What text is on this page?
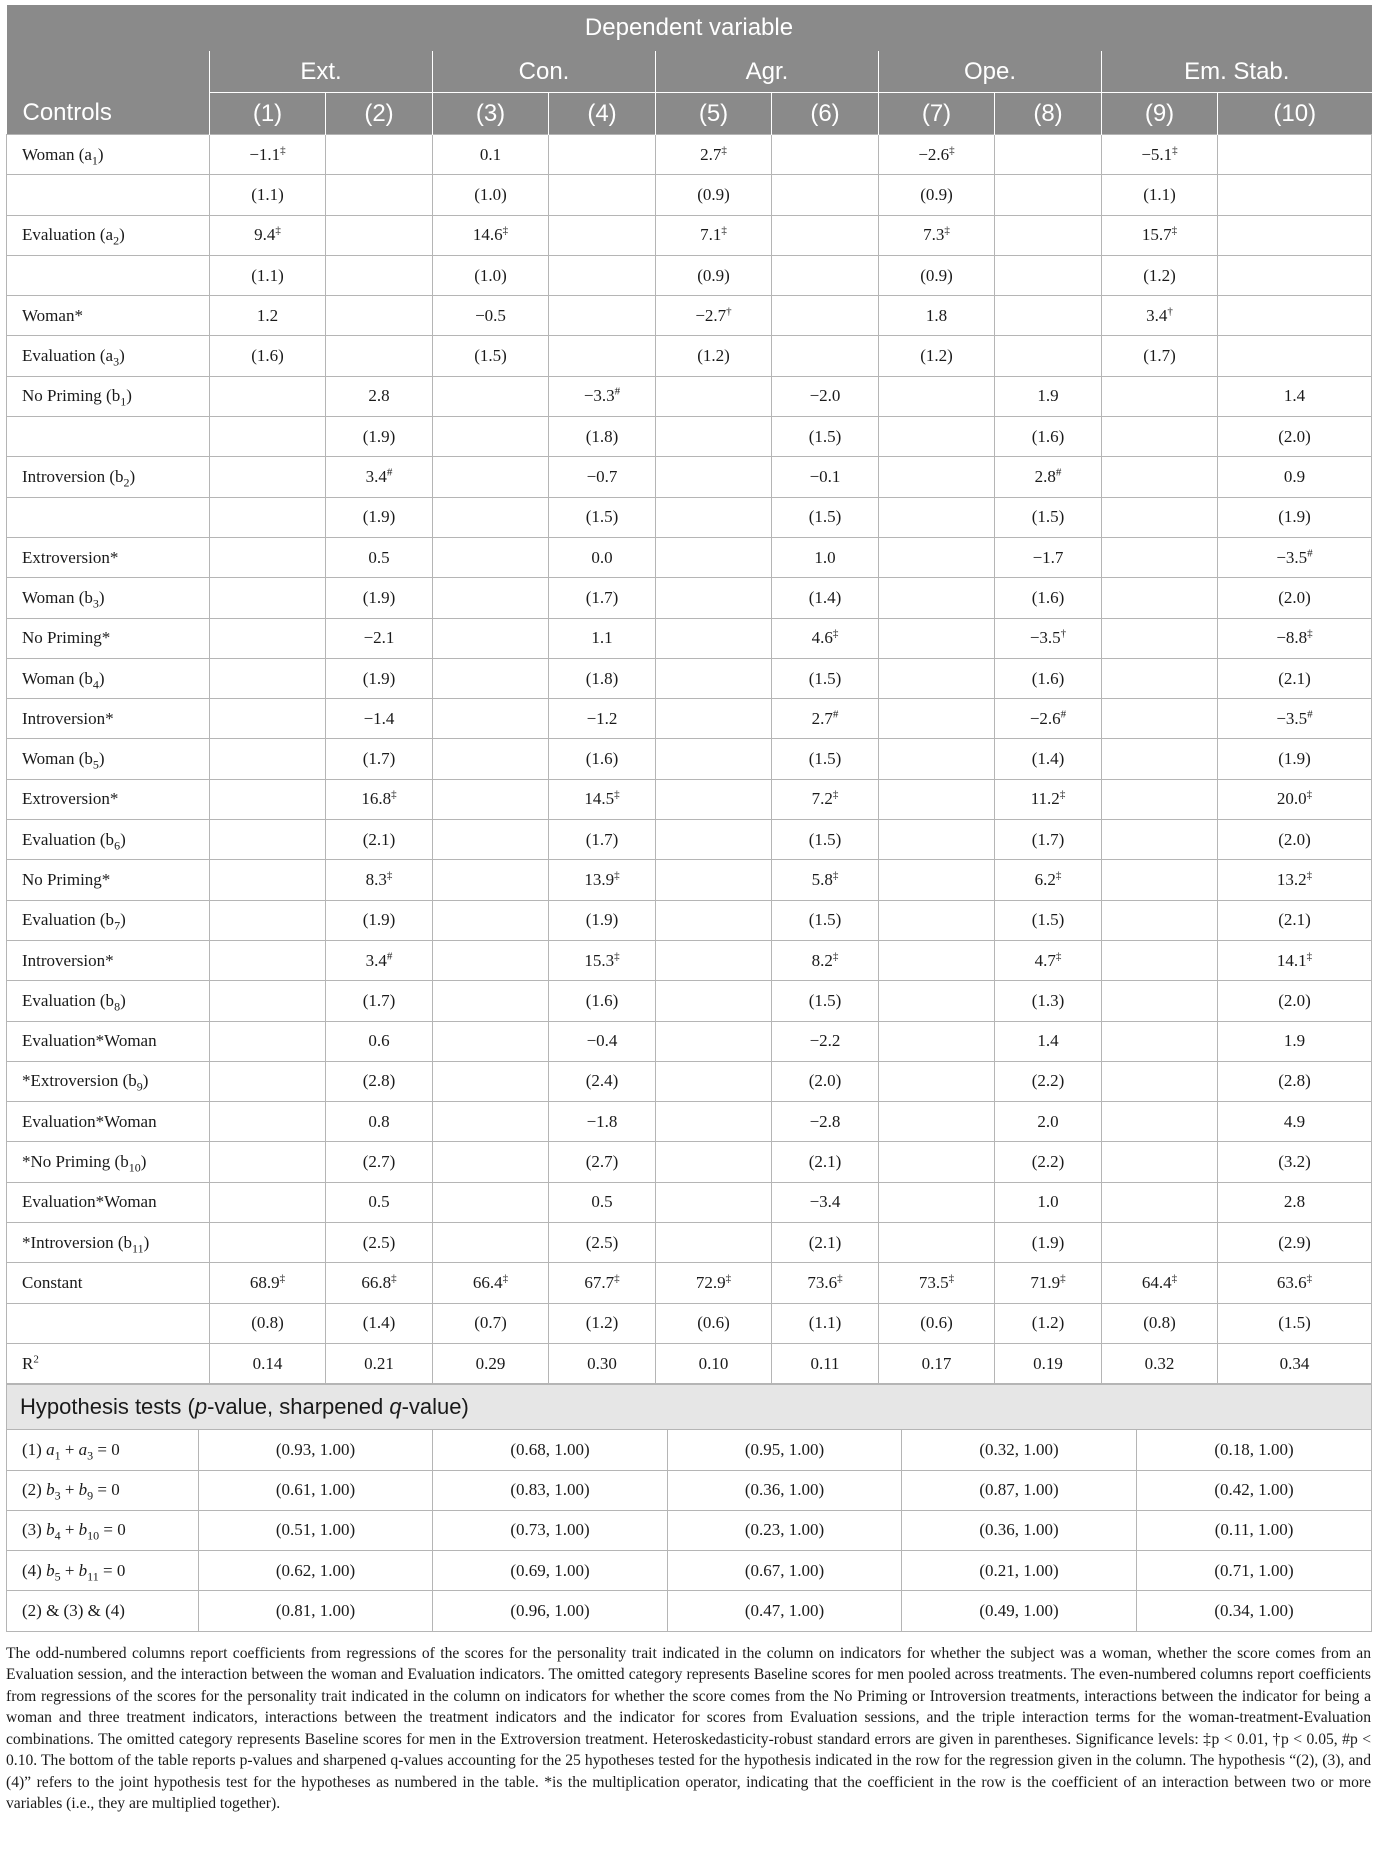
Dependent variable										
	Ext.		Con.		Agr.		Ope.		Em. Stab.	
Controls	(1)	(2)	(3)	(4)	(5)	(6)	(7)	(8)	(9)	(10)
Woman $(a_1)$	−1.1‡		0.1		2.7‡		−2.6‡		−5.1‡	
	(1.1)		(1.0)		(0.9)		(0.9)		(1.1)	
Evaluation $(a_2)$	9.4‡		14.6‡		7.1‡		7.3‡		15.7‡	
	(1.1)		(1.0)		(0.9)		(0.9)		(1.2)	
Woman*	1.2		−0.5		−2.7†		1.8		3.4†	
Evaluation $(a_3)$	(1.6)		(1.5)		(1.2)		(1.2)		(1.7)	
No Priming $(b_1)$		2.8		−3.3#		−2.0		1.9		1.4
		(1.9)		(1.8)		(1.5)		(1.6)		(2.0)
Introversion $(b_2)$		3.4#		−0.7		−0.1		2.8#		0.9
		(1.9)		(1.5)		(1.5)		(1.5)		(1.9)
Extroversion*		0.5		0.0		1.0		−1.7		−3.5#
Woman $(b_3)$		(1.9)		(1.7)		(1.4)		(1.6)		(2.0)
No Priming*		−2.1		1.1		4.6‡		−3.5†		−8.8‡
Woman $(b_4)$		(1.9)		(1.8)		(1.5)		(1.6)		(2.1)
Introversion*		−1.4		−1.2		2.7#		−2.6#		−3.5#
Woman $(b_5)$		(1.7)		(1.6)		(1.5)		(1.4)		(1.9)
Extroversion*		16.8‡		14.5‡		7.2‡		11.2‡		20.0‡
Evaluation $(b_6)$		(2.1)		(1.7)		(1.5)		(1.7)		(2.0)
No Priming*		8.3‡		13.9‡		5.8‡		6.2‡		13.2‡
Evaluation $(b_7)$		(1.9)		(1.9)		(1.5)		(1.5)		(2.1)
Introversion*		3.4#		15.3‡		8.2‡		4.7‡		14.1‡
Evaluation $(b_8)$		(1.7)		(1.6)		(1.5)		(1.3)		(2.0)
Evaluation*Woman		0.6		−0.4		−2.2		1.4		1.9
*Extroversion $(b_9)$		(2.8)		(2.4)		(2.0)		(2.2)		(2.8)
Evaluation*Woman		0.8		−1.8		−2.8		2.0		4.9
*No Priming $(b_{10})$		(2.7)		(2.7)		(2.1)		(2.2)		(3.2)
Evaluation*Woman		0.5		0.5		−3.4		1.0		2.8
*Introversion $(b_{11})$		(2.5)		(2.5)		(2.1)		(1.9)		(2.9)
Constant	68.9‡	66.8‡	66.4‡	67.7‡	72.9‡	73.6‡	73.5‡	71.9‡	64.4‡	63.6‡
	(0.8)	(1.4)	(0.7)	(1.2)	(0.6)	(1.1)	(0.6)	(1.2)	(0.8)	(1.5)
$R^2$	0.14	0.21	0.29	0.30	0.10	0.11	0.17	0.19	0.32	0.34
Hypothesis tests (p-value, sharpened q-value)					
(1) $a_1 + a_3 = 0$	(0.93, 1.00)	(0.68, 1.00)	(0.95, 1.00)	(0.32, 1.00)	(0.18, 1.00)
(2) $b_3 + b_9 = 0$	(0.61, 1.00)	(0.83, 1.00)	(0.36, 1.00)	(0.87, 1.00)	(0.42, 1.00)
(3) $b_4 + b_{10} = 0$	(0.51, 1.00)	(0.73, 1.00)	(0.23, 1.00)	(0.36, 1.00)	(0.11, 1.00)
(4) $b_5 + b_{11} = 0$	(0.62, 1.00)	(0.69, 1.00)	(0.67, 1.00)	(0.21, 1.00)	(0.71, 1.00)
(2) & (3) & (4)	(0.81, 1.00)	(0.96, 1.00)	(0.47, 1.00)	(0.49, 1.00)	(0.34, 1.00)
The odd-numbered columns report coefficients from regressions of the scores for the personality trait indicated in the column on indicators for whether the subject was a woman, whether the score comes from an Evaluation session, and the interaction between the woman and Evaluation indicators. The omitted category represents Baseline scores for men pooled across treatments. The even-numbered columns report coefficients from regressions of the scores for the personality trait indicated in the column on indicators for whether the score comes from the No Priming or Introversion treatments, interactions between the indicator for being a woman and three treatment indicators, interactions between the treatment indicators and the indicator for scores from Evaluation sessions, and the triple interaction terms for the woman-treatment-Evaluation combinations. The omitted category represents Baseline scores for men in the Extroversion treatment. Heteroskedasticity-robust standard errors are given in parentheses. Significance levels: ‡p < 0.01, †p < 0.05, #p < 0.10. The bottom of the table reports p-values and sharpened q-values accounting for the 25 hypotheses tested for the hypothesis indicated in the row for the regression given in the column. The hypothesis “(2), (3), and (4)” refers to the joint hypothesis test for the hypotheses as numbered in the table. *is the multiplication operator, indicating that the coefficient in the row is the coefficient of an interaction between two or more variables (i.e., they are multiplied together).
